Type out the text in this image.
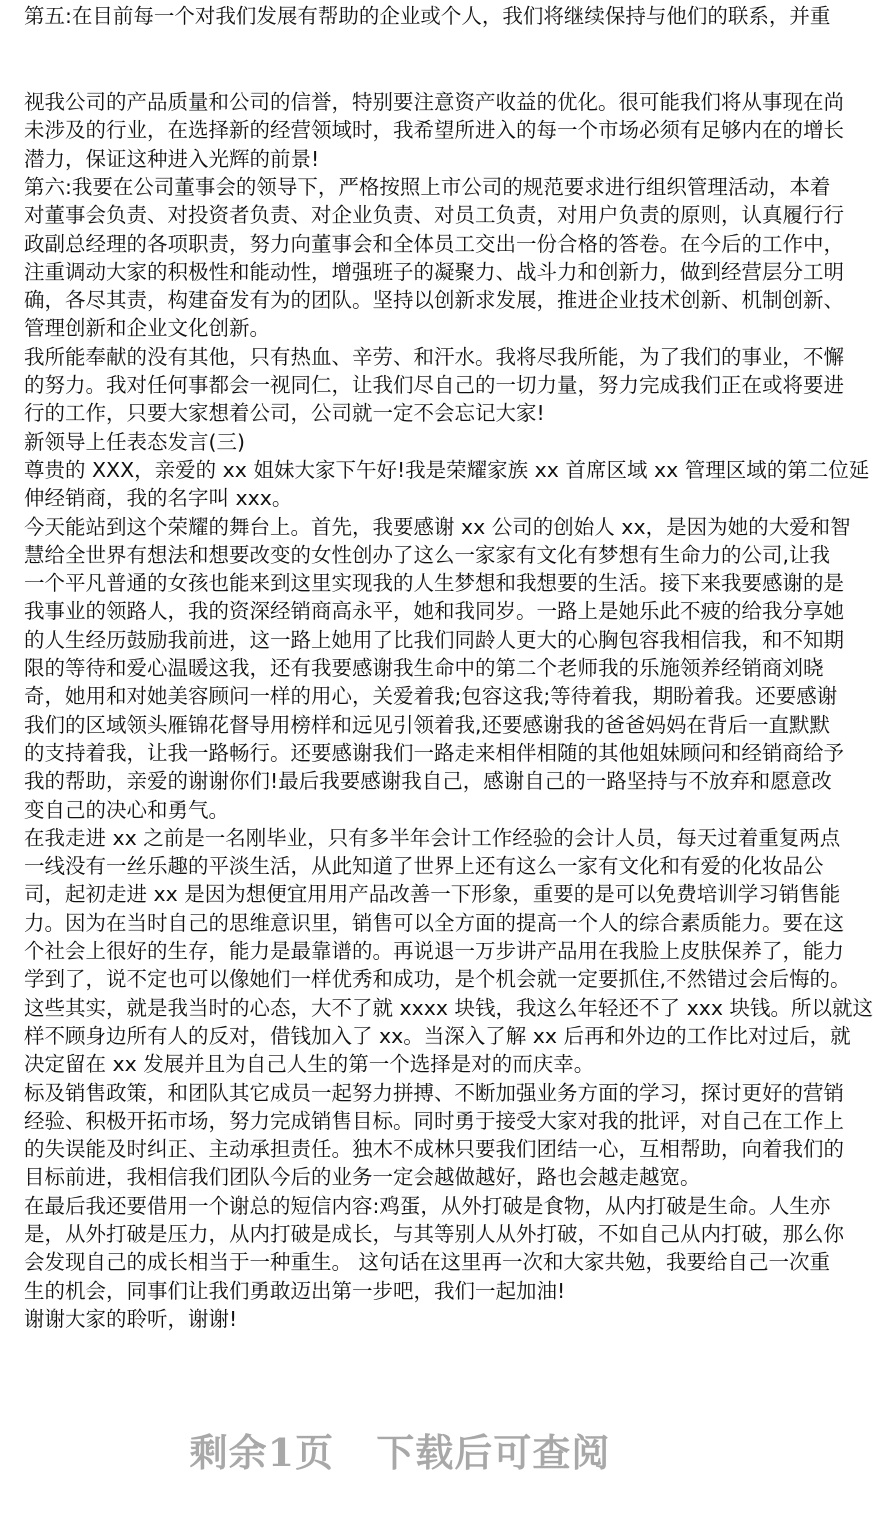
第五:在目前每一个对我们发展有帮助的企业或个人，我们将继续保持与他们的联系，并重
视我公司的产品质量和公司的信誉，特别要注意资产收益的优化。很可能我们将从事现在尚
未涉及的行业，在选择新的经营领域时，我希望所进入的每一个市场必须有足够内在的增长
潜力，保证这种进入光辉的前景!
第六:我要在公司董事会的领导下，严格按照上市公司的规范要求进行组织管理活动，本着
对董事会负责、对投资者负责、对企业负责、对员工负责，对用户负责的原则，认真履行行
政副总经理的各项职责，努力向董事会和全体员工交出一份合格的答卷。在今后的工作中，
注重调动大家的积极性和能动性，增强班子的凝聚力、战斗力和创新力，做到经营层分工明
确，各尽其责，构建奋发有为的团队。坚持以创新求发展，推进企业技术创新、机制创新、
管理创新和企业文化创新。
我所能奉献的没有其他，只有热血、辛劳、和汗水。我将尽我所能，为了我们的事业，不懈
的努力。我对任何事都会一视同仁，让我们尽自己的一切力量，努力完成我们正在或将要进
行的工作，只要大家想着公司，公司就一定不会忘记大家!
新领导上任表态发言(三)
尊贵的 XXX，亲爱的 xx 姐妹大家下午好!我是荣耀家族 xx 首席区域 xx 管理区域的第二位延
伸经销商，我的名字叫 xxx。
今天能站到这个荣耀的舞台上。首先，我要感谢 xx 公司的创始人 xx，是因为她的大爱和智
慧给全世界有想法和想要改变的女性创办了这么一家家有文化有梦想有生命力的公司,让我
一个平凡普通的女孩也能来到这里实现我的人生梦想和我想要的生活。接下来我要感谢的是
我事业的领路人，我的资深经销商高永平，她和我同岁。一路上是她乐此不疲的给我分享她
的人生经历鼓励我前进，这一路上她用了比我们同龄人更大的心胸包容我相信我，和不知期
限的等待和爱心温暖这我，还有我要感谢我生命中的第二个老师我的乐施领养经销商刘晓
奇，她用和对她美容顾问一样的用心，关爱着我;包容这我;等待着我，期盼着我。还要感谢
我们的区域领头雁锦花督导用榜样和远见引领着我,还要感谢我的爸爸妈妈在背后一直默默
的支持着我，让我一路畅行。还要感谢我们一路走来相伴相随的其他姐妹顾问和经销商给予
我的帮助，亲爱的谢谢你们!最后我要感谢我自己，感谢自己的一路坚持与不放弃和愿意改
变自己的决心和勇气。
在我走进 xx 之前是一名刚毕业，只有多半年会计工作经验的会计人员，每天过着重复两点
一线没有一丝乐趣的平淡生活，从此知道了世界上还有这么一家有文化和有爱的化妆品公
司，起初走进 xx 是因为想便宜用用产品改善一下形象，重要的是可以免费培训学习销售能
力。因为在当时自己的思维意识里，销售可以全方面的提高一个人的综合素质能力。要在这
个社会上很好的生存，能力是最靠谱的。再说退一万步讲产品用在我脸上皮肤保养了，能力
学到了，说不定也可以像她们一样优秀和成功，是个机会就一定要抓住,不然错过会后悔的。
这些其实，就是我当时的心态，大不了就 xxxx 块钱，我这么年轻还不了 xxx 块钱。所以就这
样不顾身边所有人的反对，借钱加入了 xx。当深入了解 xx 后再和外边的工作比对过后，就
决定留在 xx 发展并且为自己人生的第一个选择是对的而庆幸。
标及销售政策，和团队其它成员一起努力拼搏、不断加强业务方面的学习，探讨更好的营销
经验、积极开拓市场，努力完成销售目标。同时勇于接受大家对我的批评，对自己在工作上
的失误能及时纠正、主动承担责任。独木不成林只要我们团结一心，互相帮助，向着我们的
目标前进，我相信我们团队今后的业务一定会越做越好，路也会越走越宽。
在最后我还要借用一个谢总的短信内容:鸡蛋，从外打破是食物，从内打破是生命。人生亦
是，从外打破是压力，从内打破是成长，与其等别人从外打破，不如自己从内打破，那么你
会发现自己的成长相当于一种重生。 这句话在这里再一次和大家共勉，我要给自己一次重
生的机会，同事们让我们勇敢迈出第一步吧，我们一起加油!
谢谢大家的聆听，谢谢!
剩余1页 下载后可查阅
